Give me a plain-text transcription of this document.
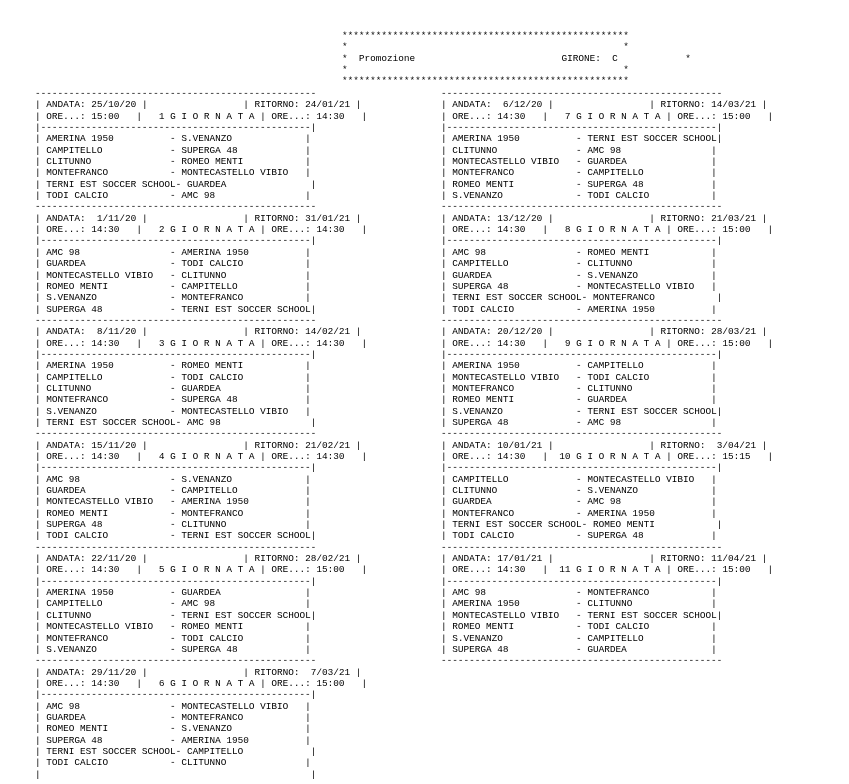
***************************************************
*                                                 *
*  Promozione	GIRONE: C            *
*                                                 *
***************************************************
--------------------------------------------------
| ANDATA: 25/10/20 |                 | RITORNO: 24/01/21 |
| ORE...: 15:00   |   1 G I O R N A T A | ORE...: 14:30   |
|------------------------------------------------|
| AMERINA 1950          - S.VENANZO             |
| CAMPITELLO            - SUPERGA 48            |
| CLITUNNO              - ROMEO MENTI           |
| MONTEFRANCO           - MONTECASTELLO VIBIO   |
| TERNI EST SOCCER SCHOOL- GUARDEA               |
| TODI CALCIO           - AMC 98                |

--------------------------------------------------
| ANDATA:  1/11/20 |                 | RITORNO: 31/01/21 |
| ORE...: 14:30   |   2 G I O R N A T A | ORE...: 14:30   |
|------------------------------------------------|
| AMC 98                - AMERINA 1950          |
| GUARDEA               - TODI CALCIO           |
| MONTECASTELLO VIBIO   - CLITUNNO              |
| ROMEO MENTI           - CAMPITELLO            |
| S.VENANZO             - MONTEFRANCO           |
| SUPERGA 48            - TERNI EST SOCCER SCHOOL|

--------------------------------------------------
| ANDATA:  8/11/20 |                 | RITORNO: 14/02/21 |
| ORE...: 14:30   |   3 G I O R N A T A | ORE...: 14:30   |
|------------------------------------------------|
| AMERINA 1950          - ROMEO MENTI           |
| CAMPITELLO            - TODI CALCIO           |
| CLITUNNO              - GUARDEA               |
| MONTEFRANCO           - SUPERGA 48            |
| S.VENANZO             - MONTECASTELLO VIBIO   |
| TERNI EST SOCCER SCHOOL- AMC 98                |

--------------------------------------------------
| ANDATA: 15/11/20 |                 | RITORNO: 21/02/21 |
| ORE...: 14:30   |   4 G I O R N A T A | ORE...: 14:30   |
|------------------------------------------------|
| AMC 98                - S.VENANZO             |
| GUARDEA               - CAMPITELLO            |
| MONTECASTELLO VIBIO   - AMERINA 1950          |
| ROMEO MENTI           - MONTEFRANCO           |
| SUPERGA 48            - CLITUNNO              |
| TODI CALCIO           - TERNI EST SOCCER SCHOOL|

--------------------------------------------------
| ANDATA: 22/11/20 |                 | RITORNO: 28/02/21 |
| ORE...: 14:30   |   5 G I O R N A T A | ORE...: 15:00   |
|------------------------------------------------|
| AMERINA 1950          - GUARDEA               |
| CAMPITELLO            - AMC 98                |
| CLITUNNO              - TERNI EST SOCCER SCHOOL|
| MONTECASTELLO VIBIO   - ROMEO MENTI           |
| MONTEFRANCO           - TODI CALCIO           |
| S.VENANZO             - SUPERGA 48            |

--------------------------------------------------
| ANDATA: 29/11/20 |                 | RITORNO:  7/03/21 |
| ORE...: 14:30   |   6 G I O R N A T A | ORE...: 15:00   |
|------------------------------------------------|
| AMC 98                - MONTECASTELLO VIBIO   |
| GUARDEA               - MONTEFRANCO           |
| ROMEO MENTI           - S.VENANZO             |
| SUPERGA 48            - AMERINA 1950          |
| TERNI EST SOCCER SCHOOL- CAMPITELLO            |
| TODI CALCIO           - CLITUNNO              |

|                                                |
--------------------------------------------------
| ANDATA:  6/12/20 |                 | RITORNO: 14/03/21 |
| ORE...: 14:30   |   7 G I O R N A T A | ORE...: 15:00   |
|------------------------------------------------|
| AMERINA 1950          - TERNI EST SOCCER SCHOOL|
| CLITUNNO              - AMC 98                |
| MONTECASTELLO VIBIO   - GUARDEA               |
| MONTEFRANCO           - CAMPITELLO            |
| ROMEO MENTI           - SUPERGA 48            |
| S.VENANZO             - TODI CALCIO           |

--------------------------------------------------
| ANDATA: 13/12/20 |                 | RITORNO: 21/03/21 |
| ORE...: 14:30   |   8 G I O R N A T A | ORE...: 15:00   |
|------------------------------------------------|
| AMC 98                - ROMEO MENTI           |
| CAMPITELLO            - CLITUNNO              |
| GUARDEA               - S.VENANZO             |
| SUPERGA 48            - MONTECASTELLO VIBIO   |
| TERNI EST SOCCER SCHOOL- MONTEFRANCO           |
| TODI CALCIO           - AMERINA 1950          |

--------------------------------------------------
| ANDATA: 20/12/20 |                 | RITORNO: 28/03/21 |
| ORE...: 14:30   |   9 G I O R N A T A | ORE...: 15:00   |
|------------------------------------------------|
| AMERINA 1950          - CAMPITELLO            |
| MONTECASTELLO VIBIO   - TODI CALCIO           |
| MONTEFRANCO           - CLITUNNO              |
| ROMEO MENTI           - GUARDEA               |
| S.VENANZO             - TERNI EST SOCCER SCHOOL|
| SUPERGA 48            - AMC 98                |

--------------------------------------------------
| ANDATA: 10/01/21 |                 | RITORNO:  3/04/21 |
| ORE...: 14:30   |  10 G I O R N A T A | ORE...: 15:15   |
|------------------------------------------------|
| CAMPITELLO            - MONTECASTELLO VIBIO   |
| CLITUNNO              - S.VENANZO             |
| GUARDEA               - AMC 98                |
| MONTEFRANCO           - AMERINA 1950          |
| TERNI EST SOCCER SCHOOL- ROMEO MENTI           |
| TODI CALCIO           - SUPERGA 48            |

--------------------------------------------------
| ANDATA: 17/01/21 |                 | RITORNO: 11/04/21 |
| ORE...: 14:30   |  11 G I O R N A T A | ORE...: 15:00   |
|------------------------------------------------|
| AMC 98                - MONTEFRANCO           |
| AMERINA 1950          - CLITUNNO              |
| MONTECASTELLO VIBIO   - TERNI EST SOCCER SCHOOL|
| ROMEO MENTI           - TODI CALCIO           |
| S.VENANZO             - CAMPITELLO            |
| SUPERGA 48            - GUARDEA               |

--------------------------------------------------
